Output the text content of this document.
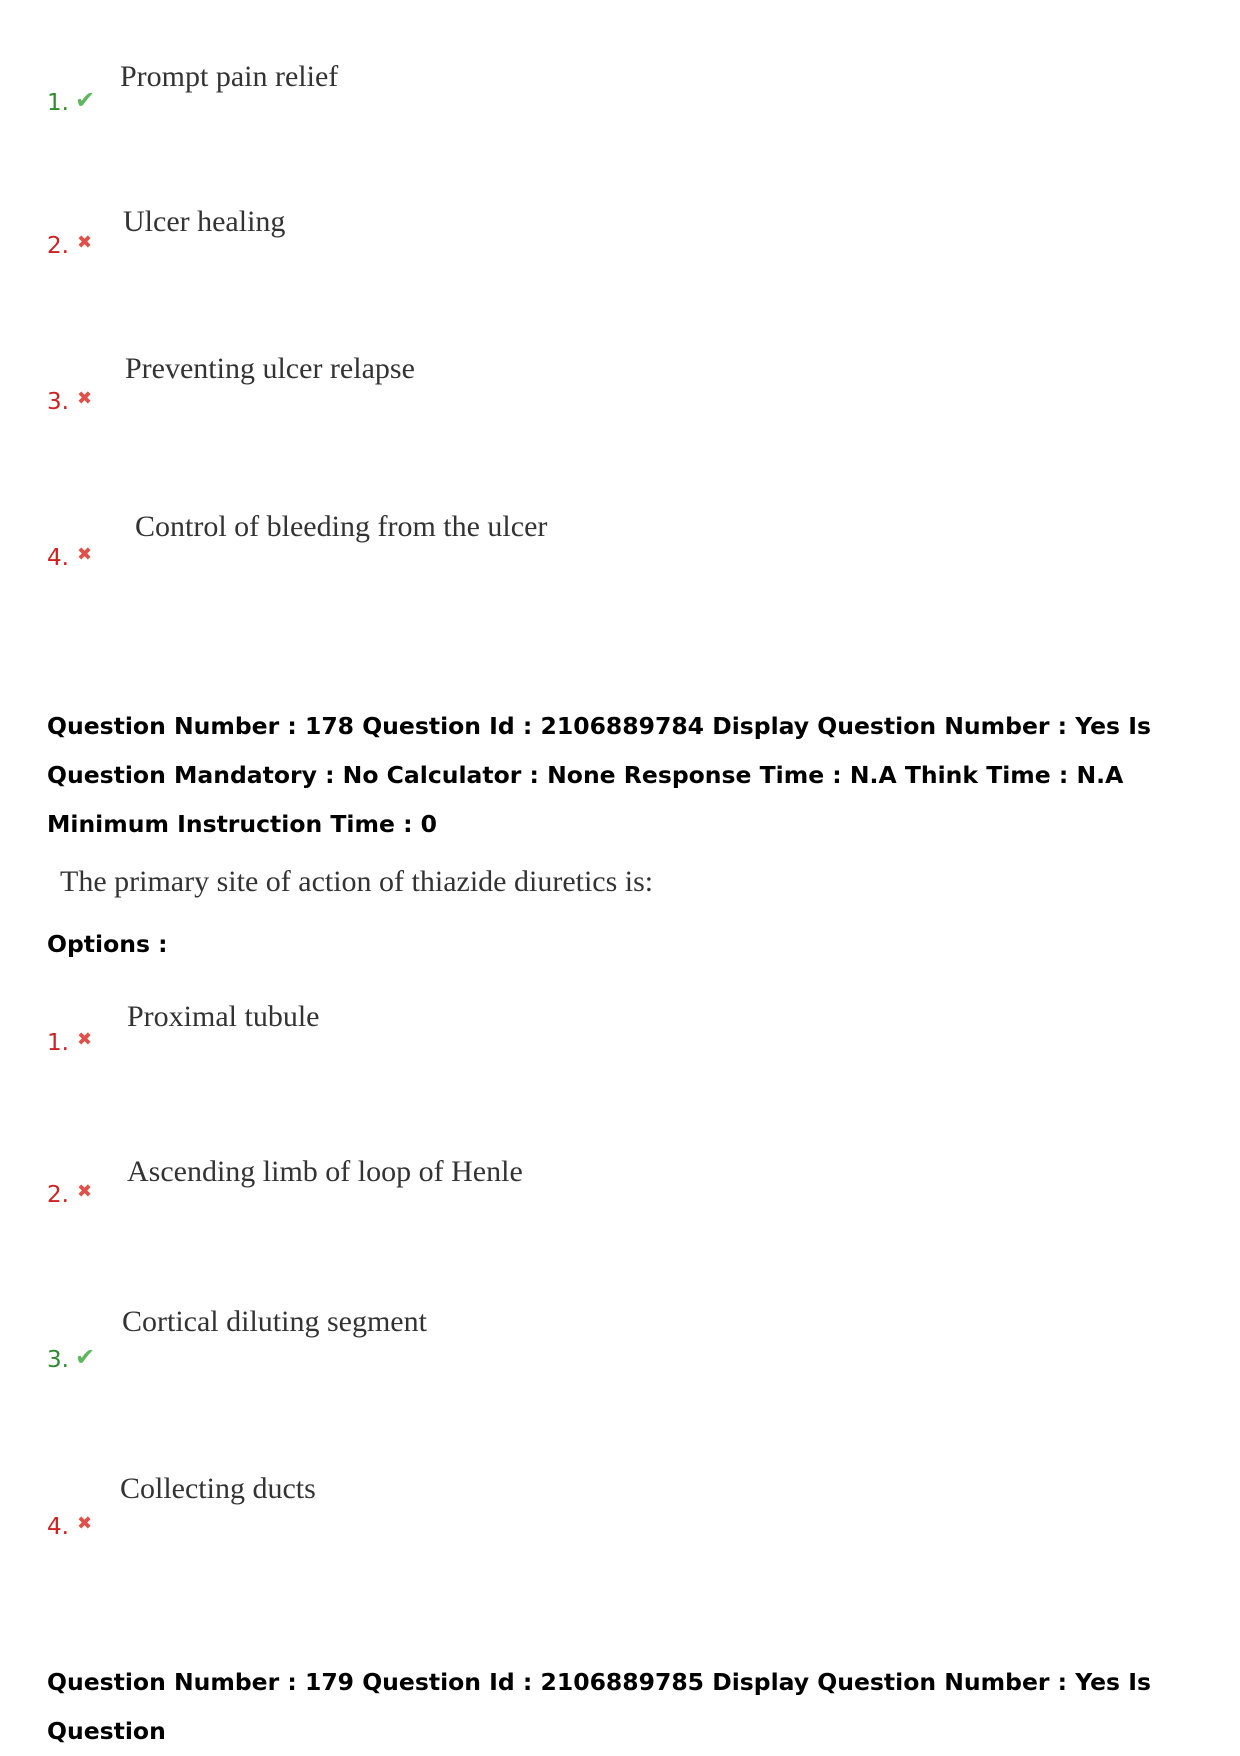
1. ✔
Prompt pain relief
2. ✖
Ulcer healing
3. ✖
Preventing ulcer relapse
4. ✖
Control of bleeding from the ulcer
Question Number : 178 Question Id : 2106889784 Display Question Number : Yes Is Question Mandatory : No Calculator : None Response Time : N.A Think Time : N.A Minimum Instruction Time : 0
The primary site of action of thiazide diuretics is:
Options :
1. ✖
Proximal tubule
2. ✖
Ascending limb of loop of Henle
3. ✔
Cortical diluting segment
4. ✖
Collecting ducts
Question Number : 179 Question Id : 2106889785 Display Question Number : Yes Is Question
